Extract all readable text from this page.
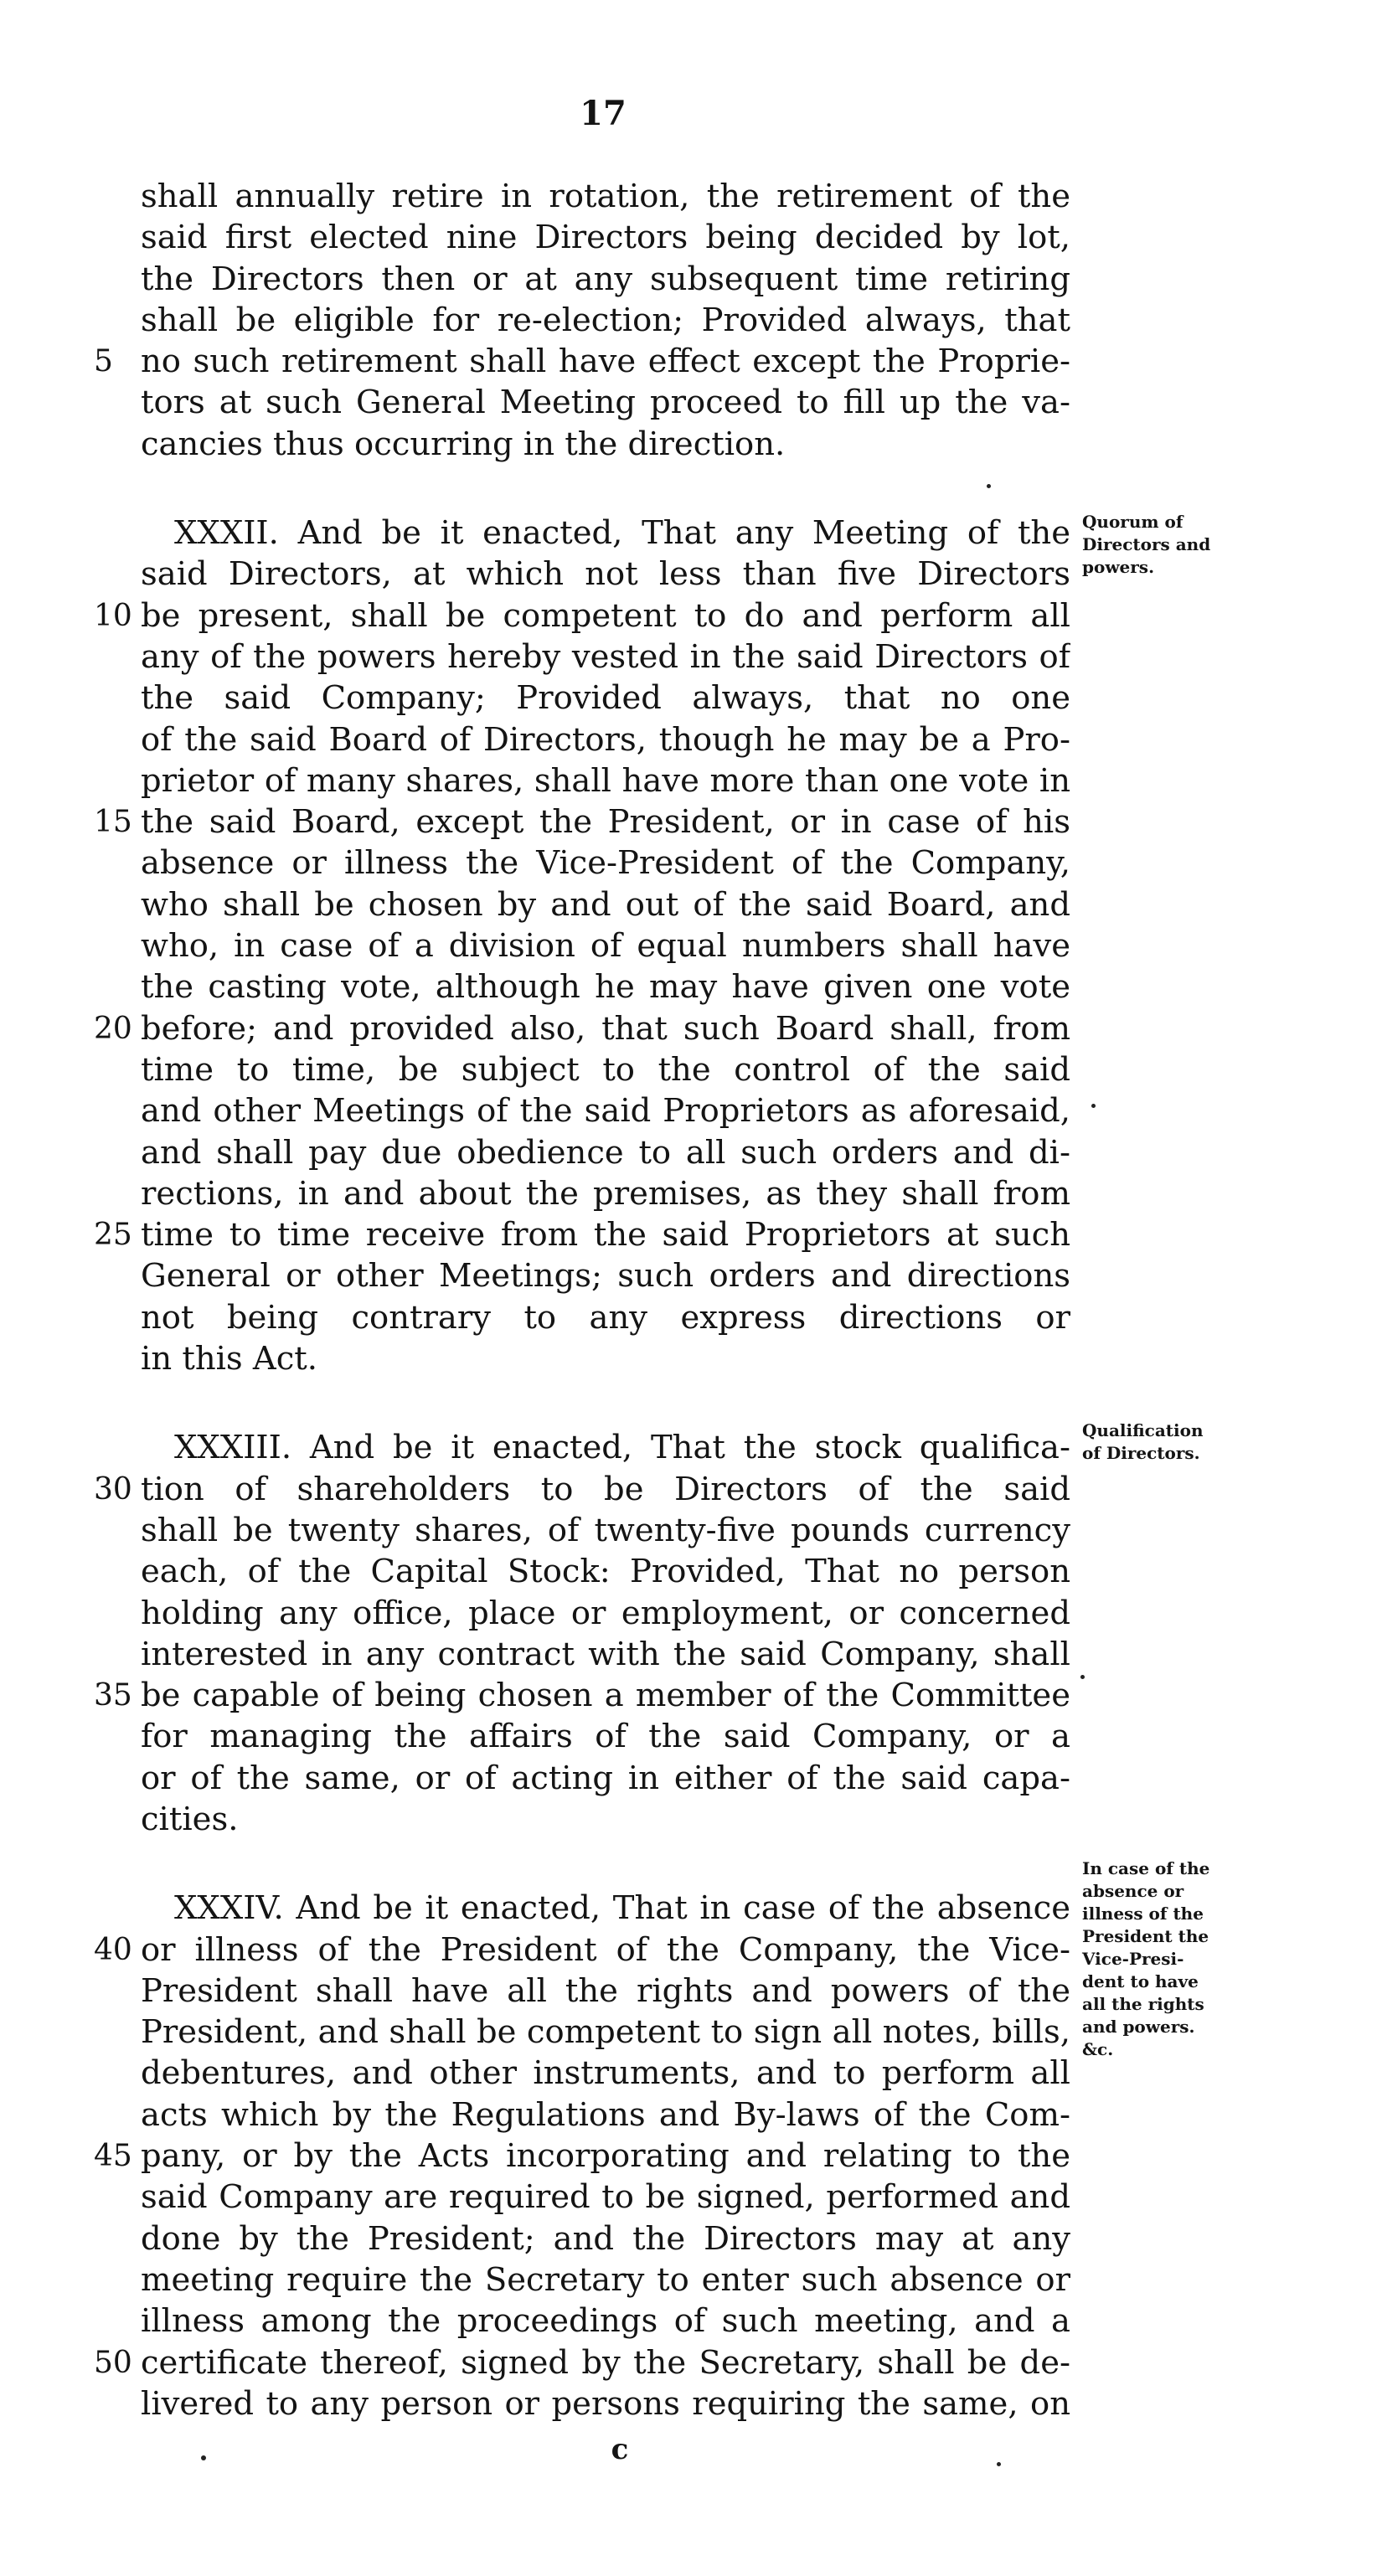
17
shall annually retire in rotation, the retirement of the
said first elected nine Directors being decided by lot,
the Directors then or at any subsequent time retiring
shall be eligible for re-election; Provided always, that
5 no such retirement shall have effect except the Proprie-
tors at such General Meeting proceed to fill up the va-
cancies thus occurring in the direction.
XXXII. And be it enacted, That any Meeting of the
said Directors, at which not less than five Directors
10 be present, shall be competent to do and perform all
any of the powers hereby vested in the said Directors of
the said Company; Provided always, that no one
of the said Board of Directors, though he may be a Pro-
prietor of many shares, shall have more than one vote in
15 the said Board, except the President, or in case of his
absence or illness the Vice-President of the Company,
who shall be chosen by and out of the said Board, and
who, in case of a division of equal numbers shall have
the casting vote, although he may have given one vote
20 before; and provided also, that such Board shall, from
time to time, be subject to the control of the said
and other Meetings of the said Proprietors as aforesaid,
and shall pay due obedience to all such orders and di-
rections, in and about the premises, as they shall from
25 time to time receive from the said Proprietors at such
General or other Meetings; such orders and directions
not being contrary to any express directions or
in this Act.
XXXIII. And be it enacted, That the stock qualifica-
30 tion of shareholders to be Directors of the said
shall be twenty shares, of twenty-five pounds currency
each, of the Capital Stock: Provided, That no person
holding any office, place or employment, or concerned
interested in any contract with the said Company, shall
35 be capable of being chosen a member of the Committee
for managing the affairs of the said Company, or a
or of the same, or of acting in either of the said capa-
cities.
XXXIV. And be it enacted, That in case of the absence
40 or illness of the President of the Company, the Vice-
President shall have all the rights and powers of the
President, and shall be competent to sign all notes, bills,
debentures, and other instruments, and to perform all
acts which by the Regulations and By-laws of the Com-
45 pany, or by the Acts incorporating and relating to the
said Company are required to be signed, performed and
done by the President; and the Directors may at any
meeting require the Secretary to enter such absence or
illness among the proceedings of such meeting, and a
50 certificate thereof, signed by the Secretary, shall be de-
livered to any person or persons requiring the same, on
Quorum of
Directors and
powers.
Qualification
of Directors.
In case of the
absence or
illness of the
President the
Vice-Presi-
dent to have
all the rights
and powers.
&c.
c
